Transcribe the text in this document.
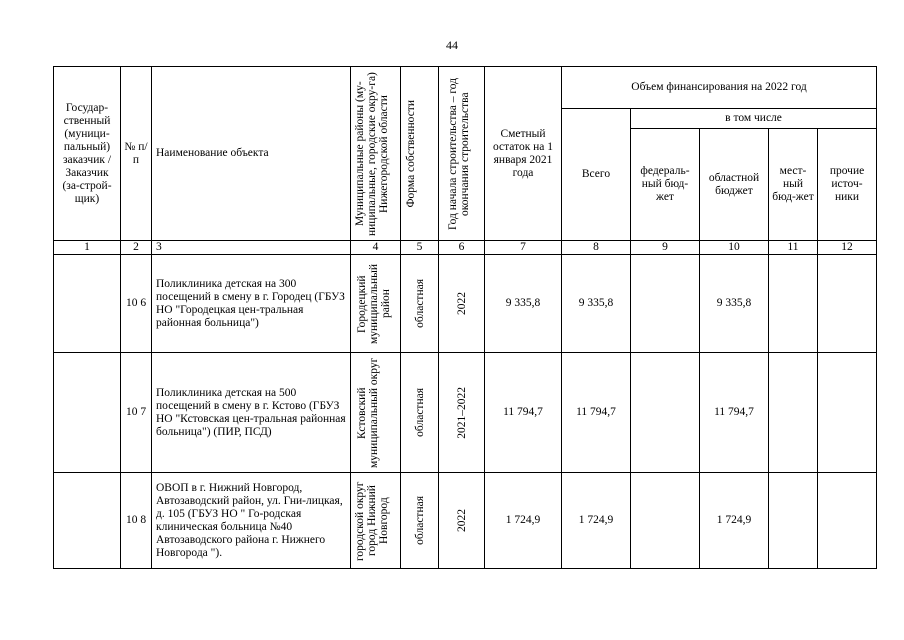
44
Государ-ственный (муници-пальный) заказчик / Заказчик (за-строй-щик)	№ п/п	Наименование объекта	Муниципальные районы (му-ниципальные, городские окру-га) Нижегородской области	Форма собственности	Год начала строительства – год окончания строительства	Сметный остаток на 1 января 2021 года	Объем финансирования на 2022 год				
							Всего	в том числе			
								федераль-ный бюд-жет	областной бюджет	мест-ный бюд-жет	прочие источ-ники
1	2	3	4	5	6	7	8	9	10	11	12
	10 6	Поликлиника детская на 300 посещений в смену в г. Городец (ГБУЗ НО "Городецкая цен-тральная районная больница")	Городецкий муниципальный район	областная	2022	9 335,8	9 335,8		9 335,8		
	10 7	Поликлиника детская на 500 посещений в смену в г. Кстово (ГБУЗ НО "Кстовская цен-тральная районная больница") (ПИР, ПСД)	Кстовский муниципальный округ	областная	2021–2022	11 794,7	11 794,7		11 794,7		
	10 8	ОВОП в г. Нижний Новгород, Автозаводский район, ул. Гни-лицкая, д. 105 (ГБУЗ НО " Го-родская клиническая больница №40 Автозаводского района г. Нижнего Новгорода ").	городской округ город Нижний Новгород	областная	2022	1 724,9	1 724,9		1 724,9		
